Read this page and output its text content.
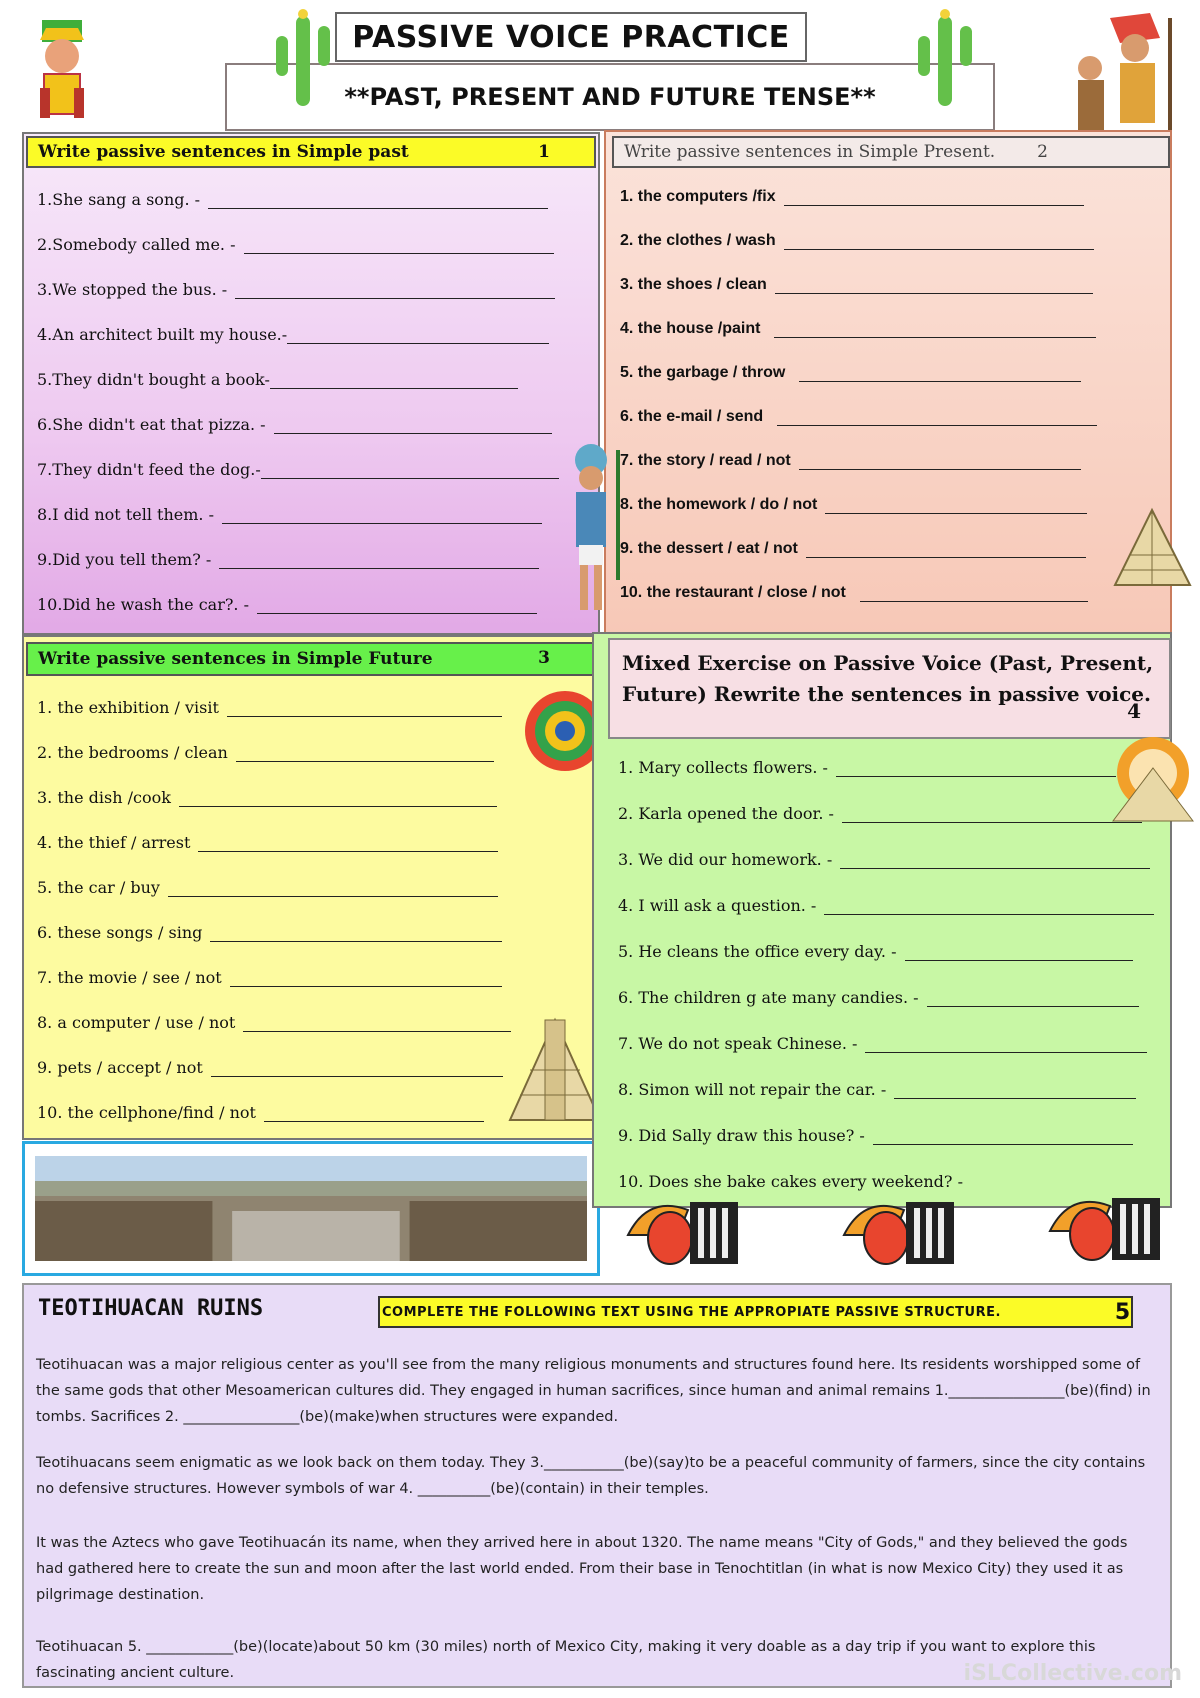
PASSIVE VOICE PRACTICE
**PAST, PRESENT AND FUTURE TENSE**
Write passive sentences in Simple past	1
1.She sang a song. -
2.Somebody called me. -
3.We stopped the bus. -
4.An architect built my house.-
5.They didn't bought a book-
6.She didn't eat that pizza. -
7.They didn't feed the dog.-
8.I did not tell them. -
9.Did you tell them? -
10.Did he wash the car?. -
Write passive sentences in Simple Present. 2
1. the computers /fix
2. the clothes / wash
3. the shoes / clean
4. the house /paint
5. the garbage / throw
6. the e-mail / send
7. the story / read / not
8. the homework / do / not
9. the dessert / eat / not
10. the restaurant / close / not
Write passive sentences in Simple Future	3
1. the exhibition / visit
2. the bedrooms / clean
3. the dish /cook
4. the thief / arrest
5. the car / buy
6. these songs / sing
7. the movie / see / not
8. a computer / use / not
9. pets / accept / not
10. the cellphone/find / not
Mixed Exercise on Passive Voice (Past, Present, Future) Rewrite the sentences in passive voice.
4
1. Mary collects flowers. -
2. Karla opened the door. -
3. We did our homework. -
4. I will ask a question. -
5. He cleans the office every day. -
6. The children g ate many candies. -
7. We do not speak Chinese. -
8. Simon will not repair the car. -
9. Did Sally draw this house? -
10. Does she bake cakes every weekend? -
TEOTIHUACAN RUINS	COMPLETE THE FOLLOWING TEXT USING THE APPROPIATE PASSIVE STRUCTURE.	5
Teotihuacan was a major religious center as you'll see from the many religious monuments and structures found here. Its residents worshipped some of the same gods that other Mesoamerican cultures did. They engaged in human sacrifices, since human and animal remains 1.________________(be)(find) in tombs. Sacrifices 2. ________________(be)(make)when structures were expanded.
Teotihuacans seem enigmatic as we look back on them today. They 3.___________(be)(say)to be a peaceful community of farmers, since the city contains no defensive structures. However symbols of war 4. __________(be)(contain) in their temples.
It was the Aztecs who gave Teotihuacán its name, when they arrived here in about 1320. The name means "City of Gods," and they believed the gods had gathered here to create the sun and moon after the last world ended. From their base in Tenochtitlan (in what is now Mexico City) they used it as pilgrimage destination.
Teotihuacan 5. ____________(be)(locate)about 50 km (30 miles) north of Mexico City, making it very doable as a day trip if you want to explore this fascinating ancient culture.	iSLCollective.com
